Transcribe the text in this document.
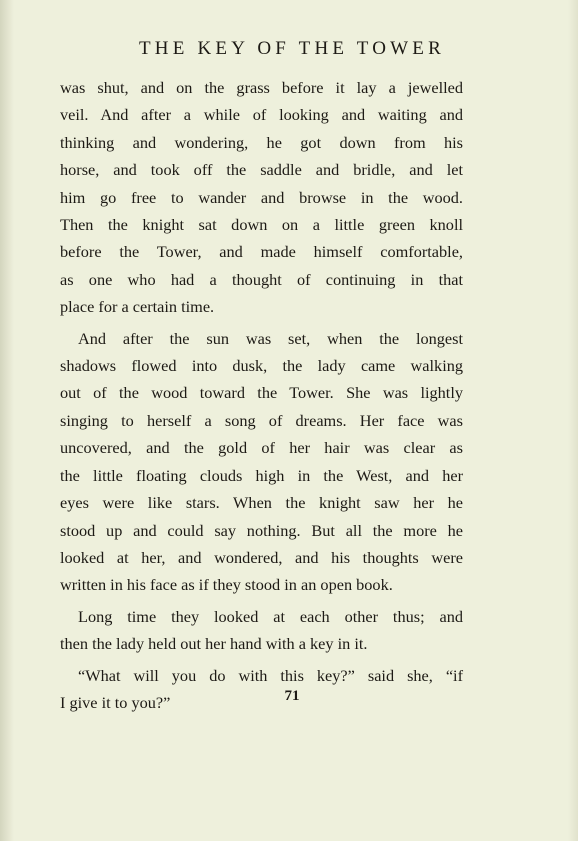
THE KEY OF THE TOWER

was shut, and on the grass before it lay a jewelled
veil. And after a while of looking and waiting and
thinking and wondering, he got down from his
horse, and took off the saddle and bridle, and let
him go free to wander and browse in the wood.
Then the knight sat down on a little green knoll
before the Tower, and made himself comfortable,
as one who had a thought of continuing in that
place for a certain time.

And after the sun was set, when the longest
shadows flowed into dusk, the lady came walking
out of the wood toward the Tower. She was lightly
singing to herself a song of dreams. Her face was
uncovered, and the gold of her hair was clear as
the little floating clouds high in the West, and her
eyes were like stars. When the knight saw her he
stood up and could say nothing. But all the more he
looked at her, and wondered, and his thoughts were
written in his face as if they stood in an open book.

Long time they looked at each other thus; and
then the lady held out her hand with a key in it.

“What will you do with this key?” said she, “if
I give it to you?”	71
